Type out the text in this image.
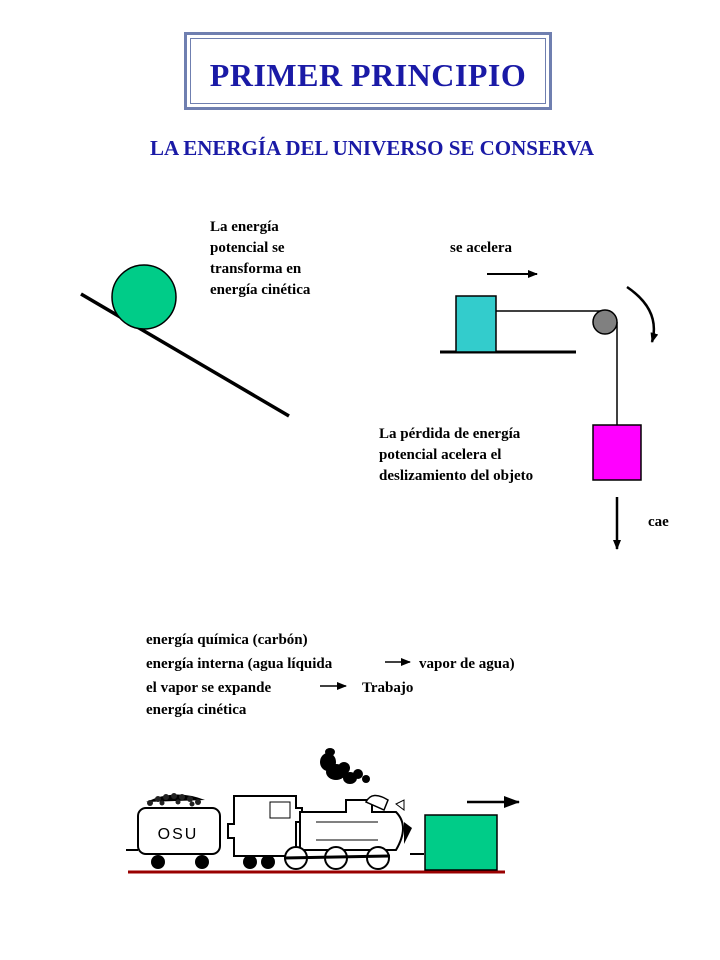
PRIMER PRINCIPIO
LA ENERGÍA DEL UNIVERSO SE CONSERVA
La energía
potencial se
transforma en
energía cinética
se acelera
La pérdida de energía
potencial acelera el
deslizamiento del objeto
cae
energía química (carbón)
energía interna (agua líquida	vapor de agua)
el vapor se expande	Trabajo
energía cinética
OSU
